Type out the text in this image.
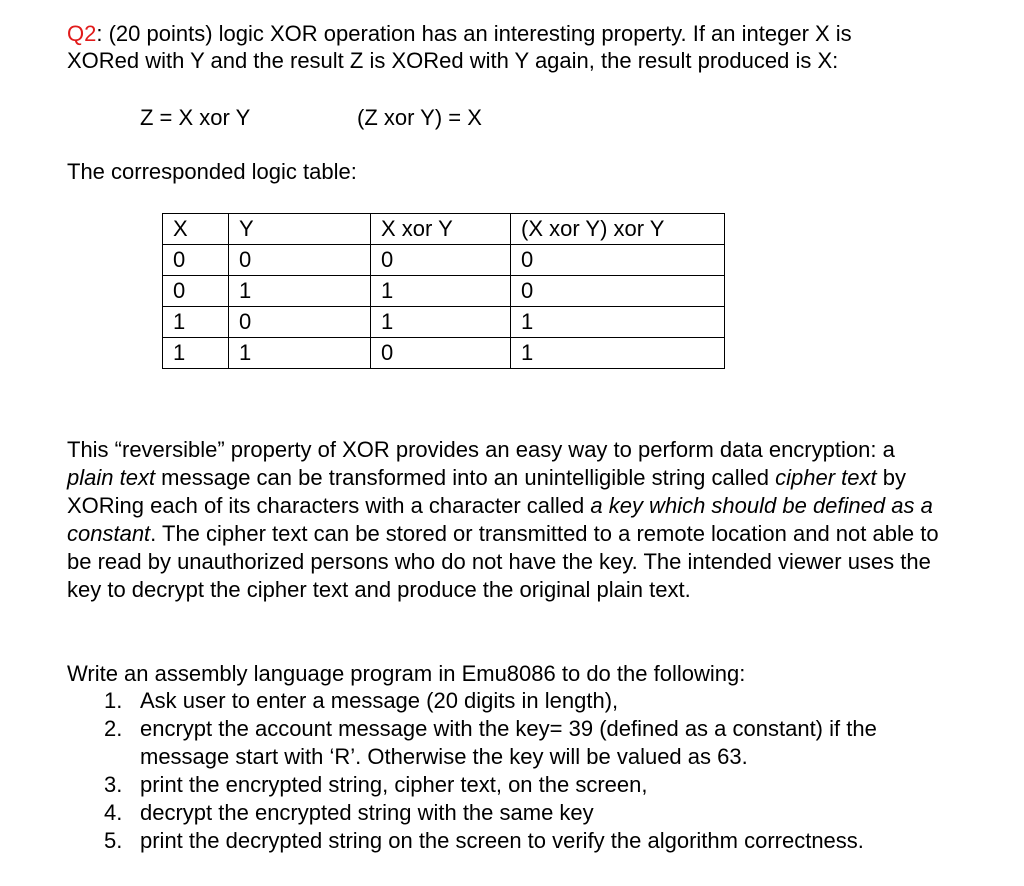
Q2: (20 points) logic XOR operation has an interesting property. If an integer X is
XORed with Y and the result Z is XORed with Y again, the result produced is X:
Z = X xor Y	(Z xor Y) = X
The corresponded logic table:
X	Y	X xor Y	(X xor Y) xor Y
0	0	0	0
0	1	1	0
1	0	1	1
1	1	0	1
This “reversible” property of XOR provides an easy way to perform data encryption: a plain text message can be transformed into an unintelligible string called cipher text by XORing each of its characters with a character called a key which should be defined as a constant. The cipher text can be stored or transmitted to a remote location and not able to be read by unauthorized persons who do not have the key. The intended viewer uses the key to decrypt the cipher text and produce the original plain text.
Write an assembly language program in Emu8086 to do the following:
1. Ask user to enter a message (20 digits in length),
2. encrypt the account message with the key= 39 (defined as a constant) if the message start with ‘R’. Otherwise the key will be valued as 63.
3. print the encrypted string, cipher text, on the screen,
4. decrypt the encrypted string with the same key
5. print the decrypted string on the screen to verify the algorithm correctness.
